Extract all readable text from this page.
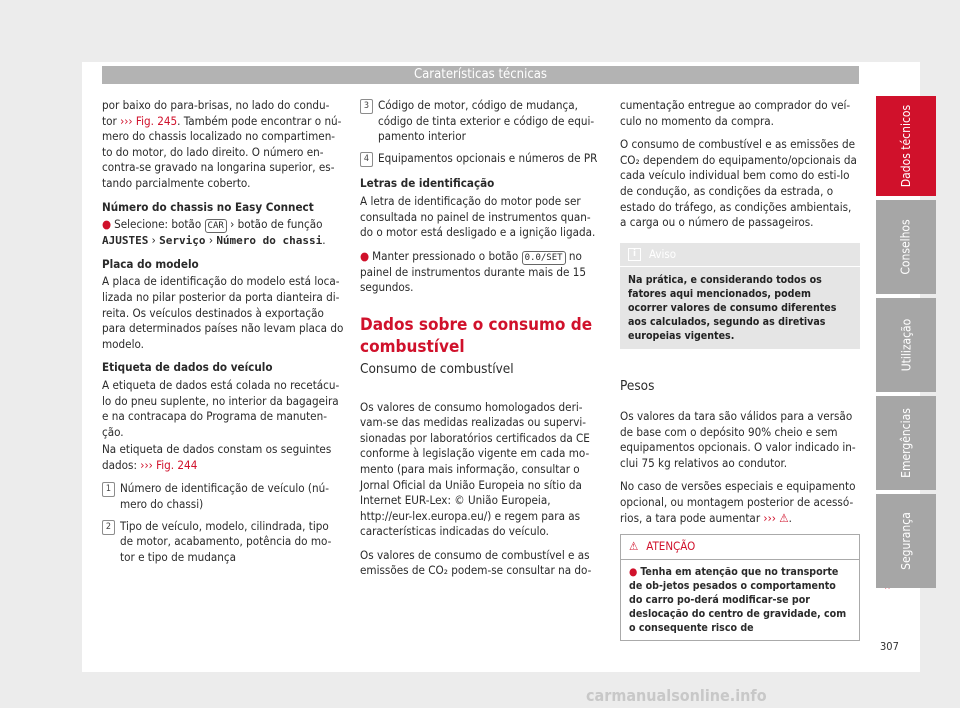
Caraterísticas técnicas

por baixo do para-brisas, no lado do condu-tor ››› Fig. 245. Também pode encontrar o nú-mero do chassis localizado no compartimen-to do motor, do lado direito. O número en-contra-se gravado na longarina superior, es-tando parcialmente coberto.

Número do chassis no Easy Connect

● Selecione: botão CAR › botão de função
AJUSTES › Serviço › Número do chassi.

Placa do modelo

A placa de identificação do modelo está loca-lizada no pilar posterior da porta dianteira di-reita. Os veículos destinados à exportação para determinados países não levam placa do modelo.

Etiqueta de dados do veículo

A etiqueta de dados está colada no recetácu-lo do pneu suplente, no interior da bagageira e na contracapa do Programa de manuten-ção.

Na etiqueta de dados constam os seguintes dados: ››› Fig. 244

1 Número de identificação de veículo (nú-mero do chassi)
2 Tipo de veículo, modelo, cilindrada, tipo de motor, acabamento, potência do mo-tor e tipo de mudança
3 Código de motor, código de mudança, código de tinta exterior e código de equi-pamento interior
4 Equipamentos opcionais e números de PR

Letras de identificação

A letra de identificação do motor pode ser consultada no painel de instrumentos quan-do o motor está desligado e a ignição ligada.

● Manter pressionado o botão 0.0/SET no painel de instrumentos durante mais de 15 segundos.

Dados sobre o consumo de combustível
Consumo de combustível

Os valores de consumo homologados deri-vam-se das medidas realizadas ou supervi-sionadas por laboratórios certificados da CE conforme à legislação vigente em cada mo-mento (para mais informação, consultar o Jornal Oficial da União Europeia no sítio da Internet EUR-Lex: © União Europeia, http://eur-lex.europa.eu/) e regem para as características indicadas do veículo.

Os valores de consumo de combustível e as emissões de CO₂ podem-se consultar na do-

cumentação entregue ao comprador do veí-culo no momento da compra.

O consumo de combustível e as emissões de CO₂ dependem do equipamento/opcionais da cada veículo individual bem como do esti-lo de condução, as condições da estrada, o estado do tráfego, as condições ambientais, a carga ou o número de passageiros.

i	Aviso
Na prática, e considerando todos os fatores aqui mencionados, podem ocorrer valores de consumo diferentes aos calculados, segundo as diretivas europeias vigentes.
Pesos

Os valores da tara são válidos para a versão de base com o depósito 90% cheio e sem equipamentos opcionais. O valor indicado in-clui 75 kg relativos ao condutor.

No caso de versões especiais e equipamento opcional, ou montagem posterior de acessó-rios, a tara pode aumentar ››› ⚠.

⚠ ATENÇÃO
● Tenha em atenção que no transporte de ob-jetos pesados o comportamento do carro po-derá modificar-se por deslocação do centro de gravidade, com o consequente risco de
Dados técnicos
Conselhos
Utilização
Emergências
Segurança
307
carmanualsonline.info
